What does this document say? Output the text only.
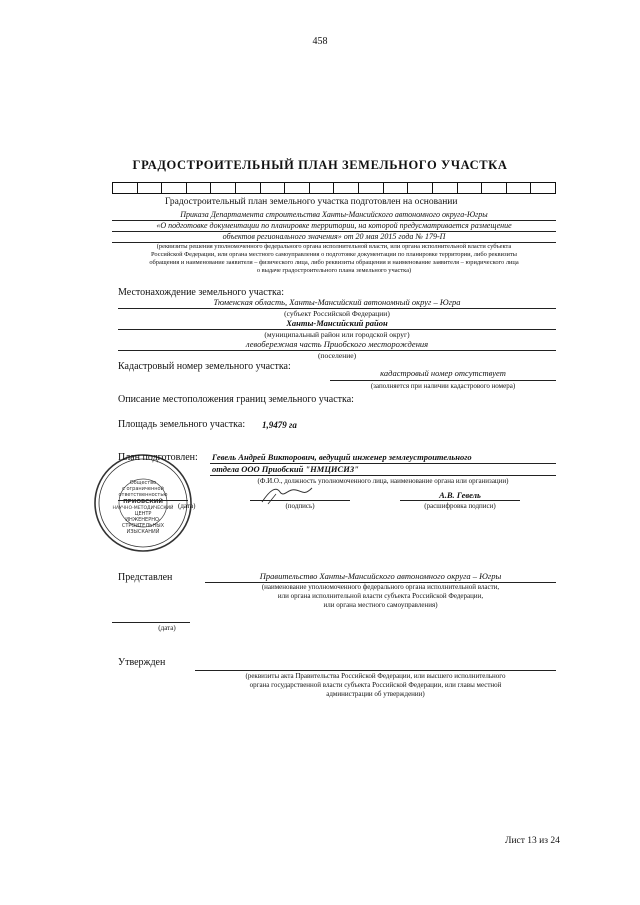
458
ГРАДОСТРОИТЕЛЬНЫЙ ПЛАН ЗЕМЕЛЬНОГО УЧАСТКА
Градостроительный план земельного участка подготовлен на основании
Приказа Департамента строительства Ханты-Мансийского автономного округа-Югры
«О подготовке документации по планировке территории, на которой предусматривается размещение
объектов регионального значения» от 20 мая 2015 года № 179-П
(реквизиты решения уполномоченного федерального органа исполнительной власти, или органа исполнительной власти субъекта
Российской Федерации, или органа местного самоуправления о подготовке документации по планировке территории, либо реквизиты
обращения и наименование заявителя – физического лица, либо реквизиты обращения и наименование заявителя – юридического лица
о выдаче градостроительного плана земельного участка)
Местонахождение земельного участка:
Тюменская область, Ханты-Мансийский автономный округ – Югра
(субъект Российской Федерации)
Ханты-Мансийский район
(муниципальный район или городской округ)
левобережная часть Приобского месторождения
(поселение)
Кадастровый номер земельного участка:
кадастровый номер отсутствует
(заполняется при наличии кадастрового номера)
Описание местоположения границ земельного участка:
Площадь земельного участка: 1,9479 га
Общество
с ограниченной
ответственностью
ПРИОБСКИЙ
НАУЧНО-МЕТОДИЧЕСКИЙ
ЦЕНТР
ИНЖЕНЕРНО-
СТРОИТЕЛЬНЫХ
ИЗЫСКАНИЙ
План подготовлен: Гевель Андрей Викторович, ведущий инженер землеустроительного
отдела ООО Приобский "НМЦИСИЗ"
(Ф.И.О., должность уполномоченного лица, наименование органа или организации)
(дата)	(подпись)
А.В. Гевель
(расшифровка подписи)
Представлен	Правительство Ханты-Мансийского автономного округа – Югры
(наименование уполномоченного федерального органа исполнительной власти,
или органа исполнительной власти субъекта Российской Федерации,
или органа местного самоуправления)
(дата)
Утвержден
(реквизиты акта Правительства Российской Федерации, или высшего исполнительного
органа государственной власти субъекта Российской Федерации, или главы местной
администрации об утверждении)
Лист 13 из 24
